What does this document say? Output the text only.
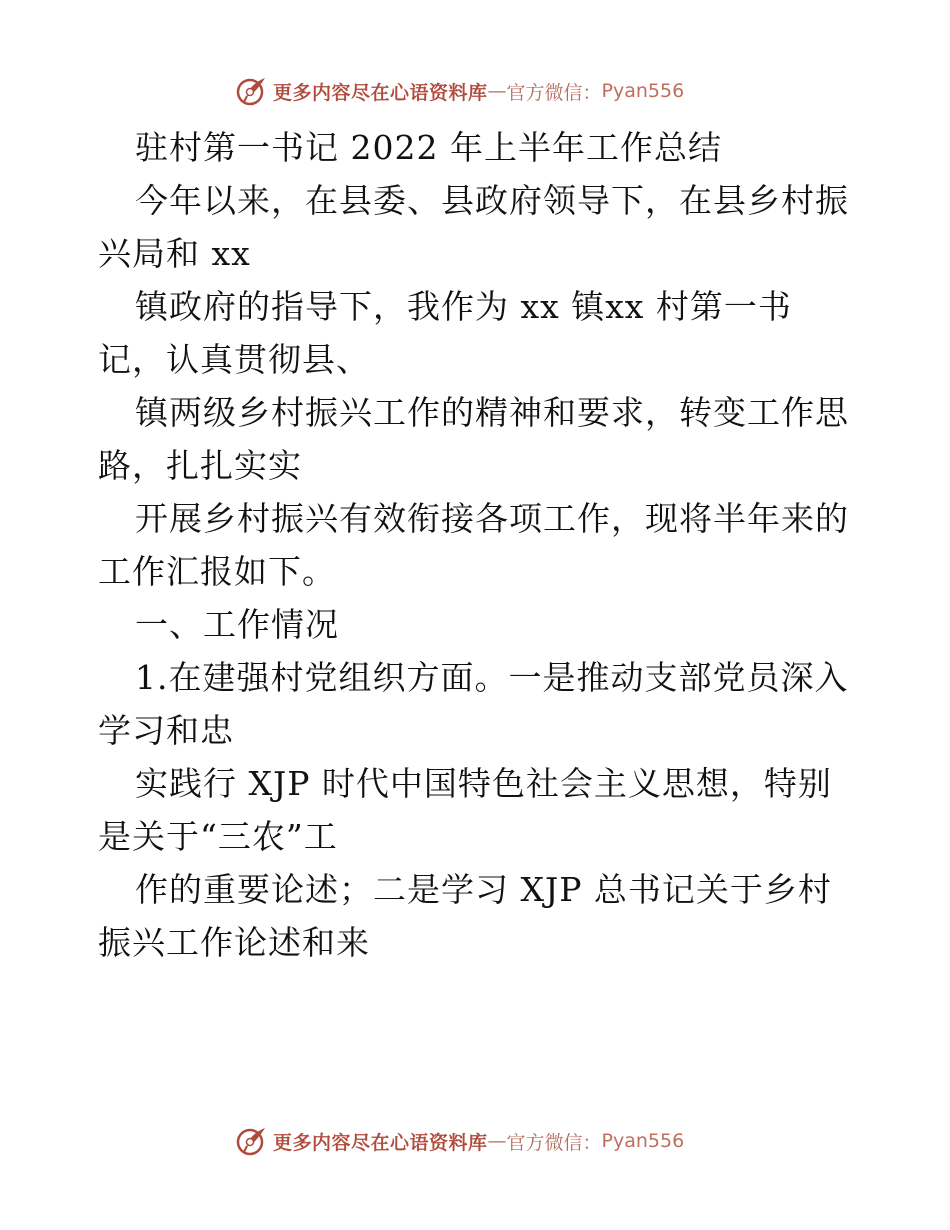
更多内容尽在心语资料库 — 官方微信： Pyan556
驻村第一书记 2022 年上半年工作总结
今年以来，在县委、县政府领导下，在县乡村振
兴局和 xx
镇政府的指导下，我作为 xx 镇xx 村第一书
记，认真贯彻县、
镇两级乡村振兴工作的精神和要求，转变工作思
路，扎扎实实
开展乡村振兴有效衔接各项工作，现将半年来的
工作汇报如下。
一、工作情况
1.在建强村党组织方面。一是推动支部党员深入
学习和忠
实践行 XJP 时代中国特色社会主义思想，特别
是关于“三农”工
作的重要论述；二是学习 XJP 总书记关于乡村
振兴工作论述和来
更多内容尽在心语资料库 — 官方微信： Pyan556
